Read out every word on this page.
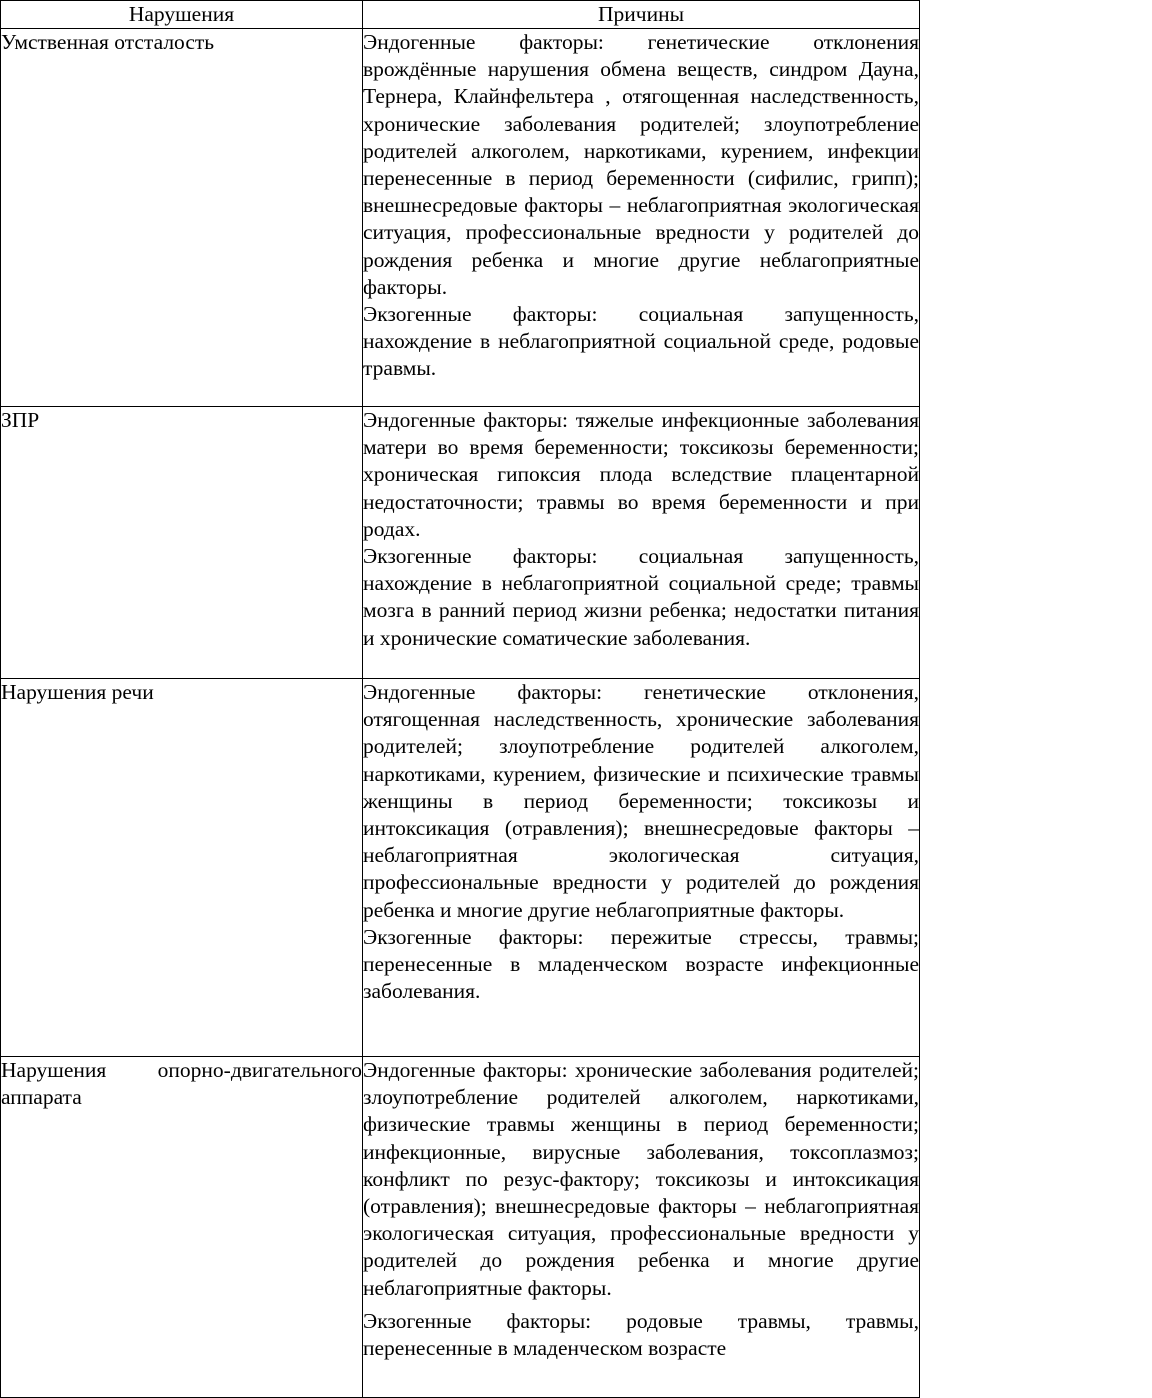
Нарушения	Причины
Умственная отсталость	Эндогенные факторы: генетические отклонения врождённые нарушения обмена веществ, синдром Дауна, Тернера, Клайнфельтера , отягощенная наследственность, хронические заболевания родителей; злоупотребление родителей алкоголем, наркотиками, курением, инфекции перенесенные в период беременности (сифилис, грипп); внешнесредовые факторы – неблагоприятная экологическая ситуация, профессиональные вредности у родителей до рождения ребенка и многие другие неблагоприятные факторы.

Экзогенные факторы: социальная запущенность, нахождение в неблагоприятной социальной среде, родовые травмы.

ЗПР	Эндогенные факторы: тяжелые инфекционные заболевания матери во время беременности; токсикозы беременности; хроническая гипоксия плода вследствие плацентарной недостаточности; травмы во время беременности и при родах.

Экзогенные факторы: социальная запущенность, нахождение в неблагоприятной социальной среде; травмы мозга в ранний период жизни ребенка; недостатки питания и хронические соматические заболевания.

Нарушения речи	Эндогенные факторы: генетические отклонения, отягощенная наследственность, хронические заболевания родителей; злоупотребление родителей алкоголем, наркотиками, курением, физические и психические травмы женщины в период беременности; токсикозы и интоксикация (отравления); внешнесредовые факторы – неблагоприятная экологическая ситуация, профессиональные вредности у родителей до рождения ребенка и многие другие неблагоприятные факторы.

Экзогенные факторы: пережитые стрессы, травмы; перенесенные в младенческом возрасте инфекционные заболевания.

Нарушения опорно-двигательного аппарата	Эндогенные факторы: хронические заболевания родителей; злоупотребление родителей алкоголем, наркотиками, физические травмы женщины в период беременности; инфекционные, вирусные заболевания, токсоплазмоз; конфликт по резус-фактору; токсикозы и интоксикация (отравления); внешнесредовые факторы – неблагоприятная экологическая ситуация, профессиональные вредности у родителей до рождения ребенка и многие другие неблагоприятные факторы.

Экзогенные факторы: родовые травмы, травмы, перенесенные в младенческом возрасте
